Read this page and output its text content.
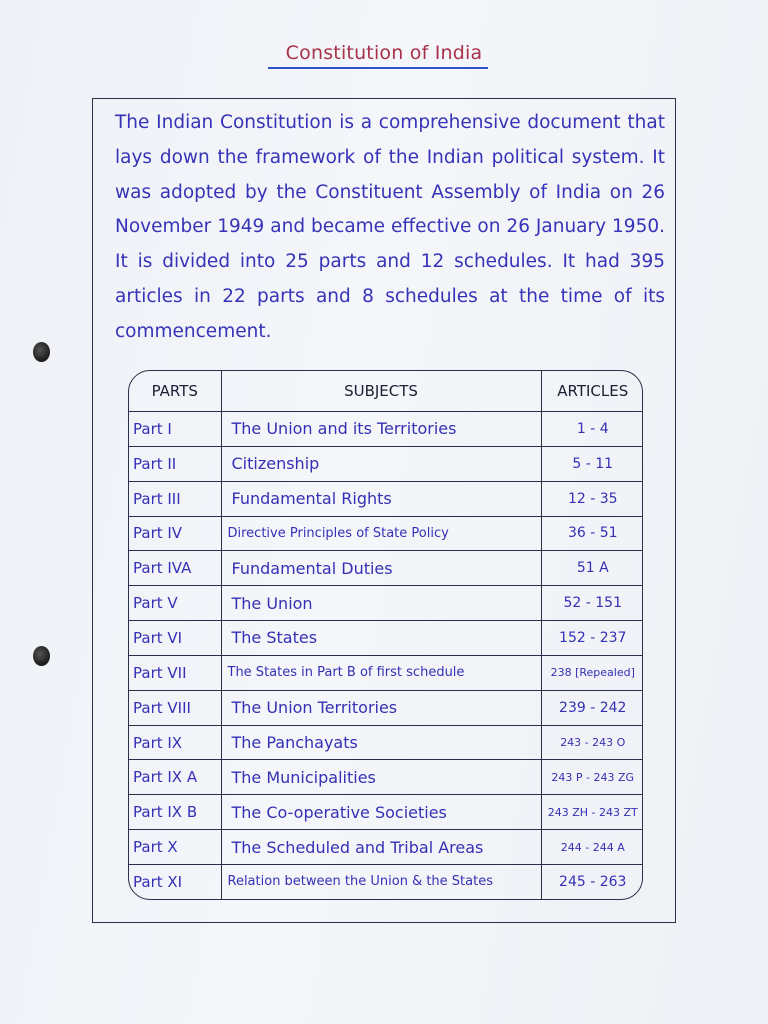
Constitution of India
The Indian Constitution is a comprehensive document that lays down the framework of the Indian political system. It was adopted by the Constituent Assembly of India on 26 November 1949 and became effective on 26 January 1950. It is divided into 25 parts and 12 schedules. It had 395 articles in 22 parts and 8 schedules at the time of its commencement.
PARTS	SUBJECTS	ARTICLES
Part I	The Union and its Territories	1 - 4
Part II	Citizenship	5 - 11
Part III	Fundamental Rights	12 - 35
Part IV	Directive Principles of State Policy	36 - 51
Part IVA	Fundamental Duties	51 A
Part V	The Union	52 - 151
Part VI	The States	152 - 237
Part VII	The States in Part B of first schedule	238 [Repealed]
Part VIII	The Union Territories	239 - 242
Part IX	The Panchayats	243 - 243 O
Part IX A	The Municipalities	243 P - 243 ZG
Part IX B	The Co-operative Societies	243 ZH - 243 ZT
Part X	The Scheduled and Tribal Areas	244 - 244 A
Part XI	Relation between the Union & the States	245 - 263
